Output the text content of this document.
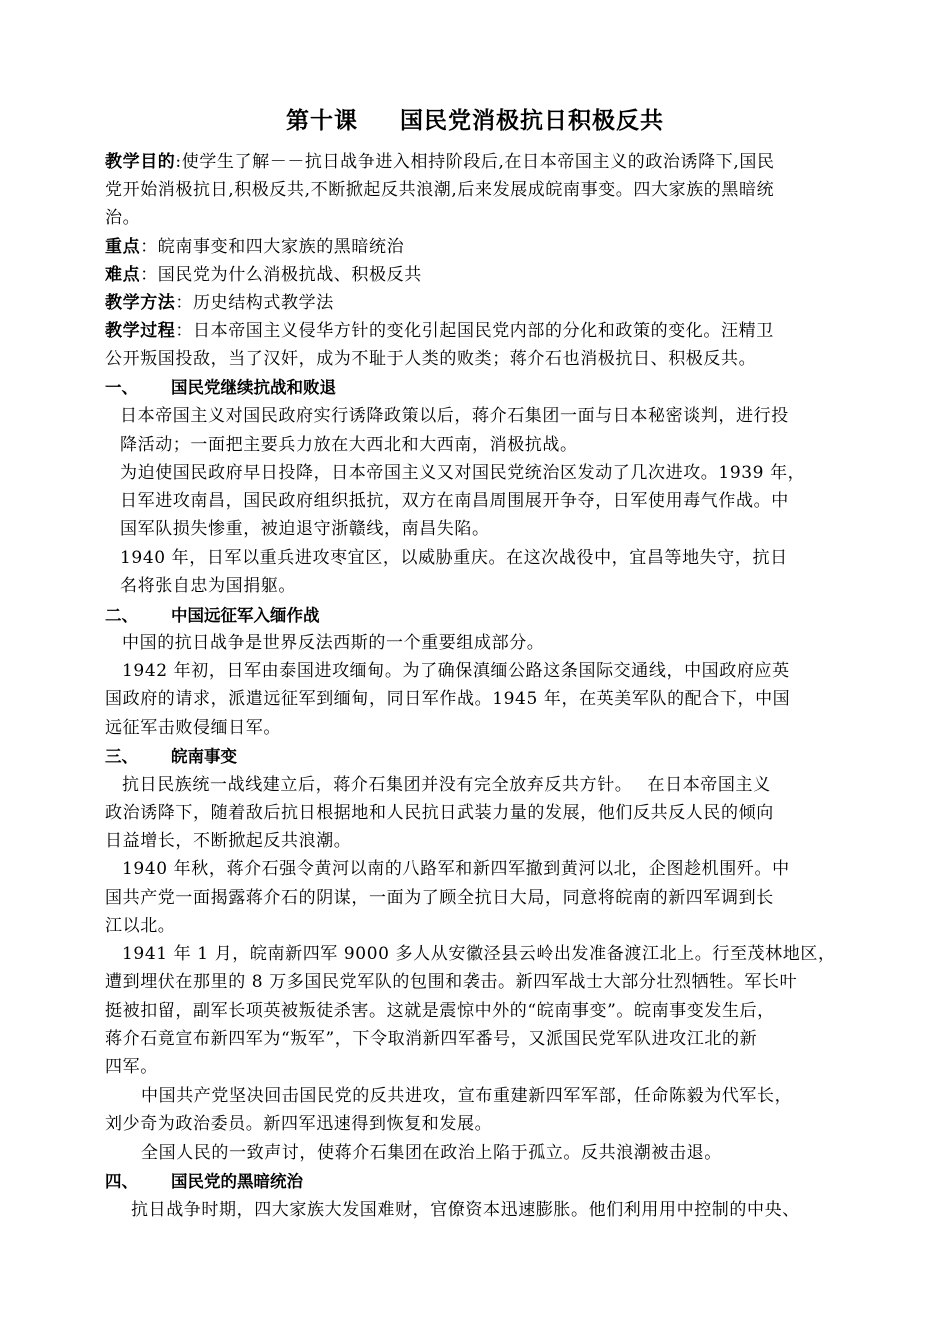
第十课 国民党消极抗日积极反共
教学目的:使学生了解－－抗日战争进入相持阶段后,在日本帝国主义的政治诱降下,国民
党开始消极抗日,积极反共,不断掀起反共浪潮,后来发展成皖南事变。四大家族的黑暗统
治。
重点：皖南事变和四大家族的黑暗统治
难点：国民党为什么消极抗战、积极反共
教学方法：历史结构式教学法
教学过程：日本帝国主义侵华方针的变化引起国民党内部的分化和政策的变化。汪精卫
公开叛国投敌，当了汉奸，成为不耻于人类的败类；蒋介石也消极抗日、积极反共。
一、 国民党继续抗战和败退
日本帝国主义对国民政府实行诱降政策以后，蒋介石集团一面与日本秘密谈判，进行投
降活动；一面把主要兵力放在大西北和大西南，消极抗战。
为迫使国民政府早日投降，日本帝国主义又对国民党统治区发动了几次进攻。1939 年，
日军进攻南昌，国民政府组织抵抗，双方在南昌周围展开争夺，日军使用毒气作战。中
国军队损失惨重，被迫退守浙赣线，南昌失陷。
1940 年，日军以重兵进攻枣宜区，以威胁重庆。在这次战役中，宜昌等地失守，抗日
名将张自忠为国捐躯。
二、 中国远征军入缅作战
中国的抗日战争是世界反法西斯的一个重要组成部分。
1942 年初，日军由泰国进攻缅甸。为了确保滇缅公路这条国际交通线，中国政府应英
国政府的请求，派遣远征军到缅甸，同日军作战。1945 年，在英美军队的配合下，中国
远征军击败侵缅日军。
三、 皖南事变
抗日民族统一战线建立后，蒋介石集团并没有完全放弃反共方针。　 在日本帝国主义
政治诱降下，随着敌后抗日根据地和人民抗日武装力量的发展，他们反共反人民的倾向
日益增长，不断掀起反共浪潮。
1940 年秋，蒋介石强令黄河以南的八路军和新四军撤到黄河以北，企图趁机围歼。中
国共产党一面揭露蒋介石的阴谋，一面为了顾全抗日大局，同意将皖南的新四军调到长
江以北。
1941 年 1 月，皖南新四军 9000 多人从安徽泾县云岭出发准备渡江北上。行至茂林地区，
遭到埋伏在那里的 8 万多国民党军队的包围和袭击。新四军战士大部分壮烈牺牲。军长叶
挺被扣留，副军长项英被叛徒杀害。这就是震惊中外的“皖南事变”。皖南事变发生后，
蒋介石竟宣布新四军为“叛军”，下令取消新四军番号，又派国民党军队进攻江北的新
四军。
中国共产党坚决回击国民党的反共进攻，宣布重建新四军军部，任命陈毅为代军长，
刘少奇为政治委员。新四军迅速得到恢复和发展。
全国人民的一致声讨，使蒋介石集团在政治上陷于孤立。反共浪潮被击退。
四、 国民党的黑暗统治
抗日战争时期，四大家族大发国难财，官僚资本迅速膨胀。他们利用用中控制的中央、
